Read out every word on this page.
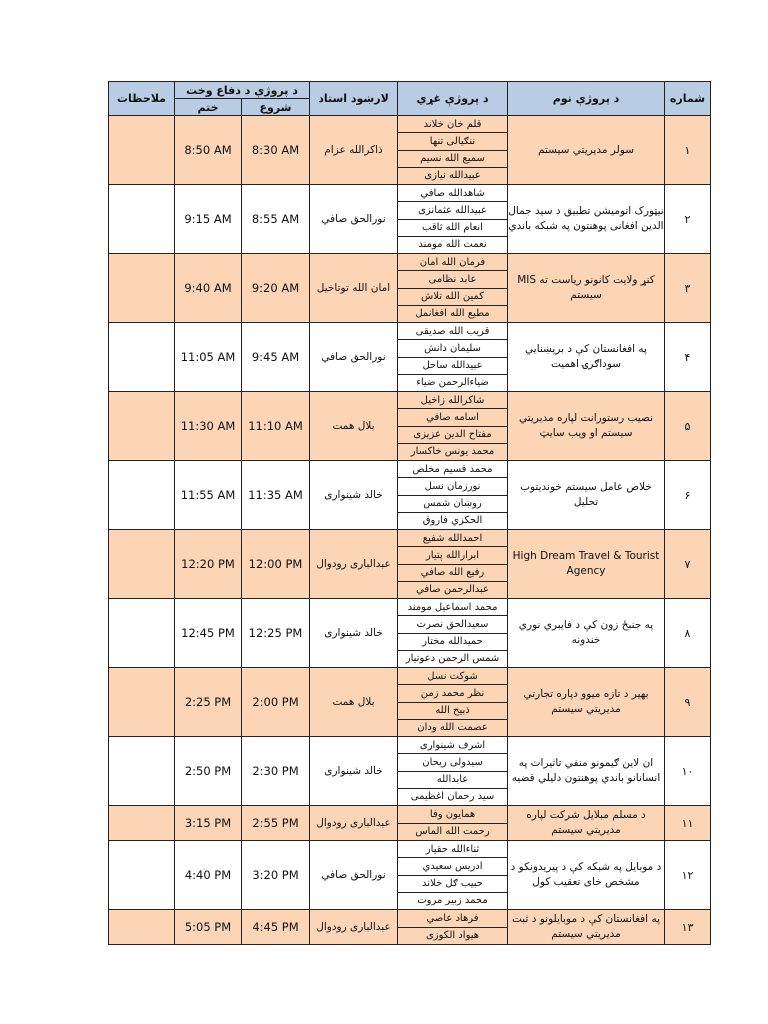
ملاحظات	د پروژې د دفاع وخت		لارښود استاد	د پروژې غړي	د پروژې نوم	شماره
	ختم	شروع				
	8:50 AM	8:30 AM	ذاکرالله عزام	قلم خان خلاند
ننګیالی تنها
سمیع الله نسیم
عبیدالله نیازی	سولر مدیریتي سیستم	۱
	9:15 AM	8:55 AM	نورالحق صافي	شاهدالله صافي
عبیدالله عثمانزی
انعام الله ثاقب
نعمت الله مومند	نیټورک اتومیشن تطبیق د سید جمال الدین افغانی پوهنتون په شبکه باندي	۲
	9:40 AM	9:20 AM	امان الله توتاخیل	فرمان الله امان
عابد نظامی
کمین الله تلاش
مطیع الله افغانمل	کنړ ولایت کانونو ریاست ته MIS سیستم	۳
	11:05 AM	9:45 AM	نورالحق صافي	قریب الله صدیقی
سلیمان دانش
عبیدالله ساحل
ضیاءالرحمن ضیاء	په افغانستان کې د بریښنایي سوداګرۍ اهمیت	۴
	11:30 AM	11:10 AM	بلال همت	شاکرالله زاخیل
اسامه صافي
مفتاح الدین عزیزی
محمد یونس خاکسار	نصیب رستورانت لپاره مدیریتي سیستم او ویب سایټ	۵
	11:55 AM	11:35 AM	خالد شینواری	محمد قسیم مخلص
نورزمان نسل
روښان شمس
الحکزي فاروق	خلاص عامل سیستم خوندیتوب تحلیل	۶
	12:20 PM	12:00 PM	عبدالباری رودوال	احمدالله شفیع
ابرارالله پتیار
رفیع الله صافي
عبدالرحمن صافي	High Dream Travel & Tourist Agency	۷
	12:45 PM	12:25 PM	خالد شینواری	محمد اسماعیل مومند
سعیدالحق نصرت
حمیدالله مختار
شمس الرحمن دعوتیار	په جنبځ زون کې د فایبري نوري خندونه	۸
	2:25 PM	2:00 PM	بلال همت	شوکت نسل
نظر محمد زمن
ذبیح الله
عصمت الله ودان	بهیر د تازه میوو دپاره تجارتي مدیریتي سیستم	۹
	2:50 PM	2:30 PM	خالد شینواری	اشرف شینواری
سیدولی ریحان
عابدالله
سید رحمان اغظیمی	ان لاین ګیمونو منفي تاثیرات په انسانانو باندي پوهنتون دلیلي قضیه	۱۰
	3:15 PM	2:55 PM	عبدالباری رودوال	همایون وفا
رحمت الله الماس	د مسلم مبلایل شرکت لپاره مدیریتي سیستم	۱۱
	4:40 PM	3:20 PM	نورالحق صافي	ثناءالله حقیار
ادریس سعیدي
حبیب ګل خلاند
محمد زبیر مروت	د موبایل په شبکه کې د پیریدونکو د مشخص خای تعقیب کول	۱۲
	5:05 PM	4:45 PM	عبدالباری رودوال	فرهاد عاصي
هیواد الکوزی	په افغانستان کې د موبایلونو د ثبت مدیریتي سیستم	۱۳
